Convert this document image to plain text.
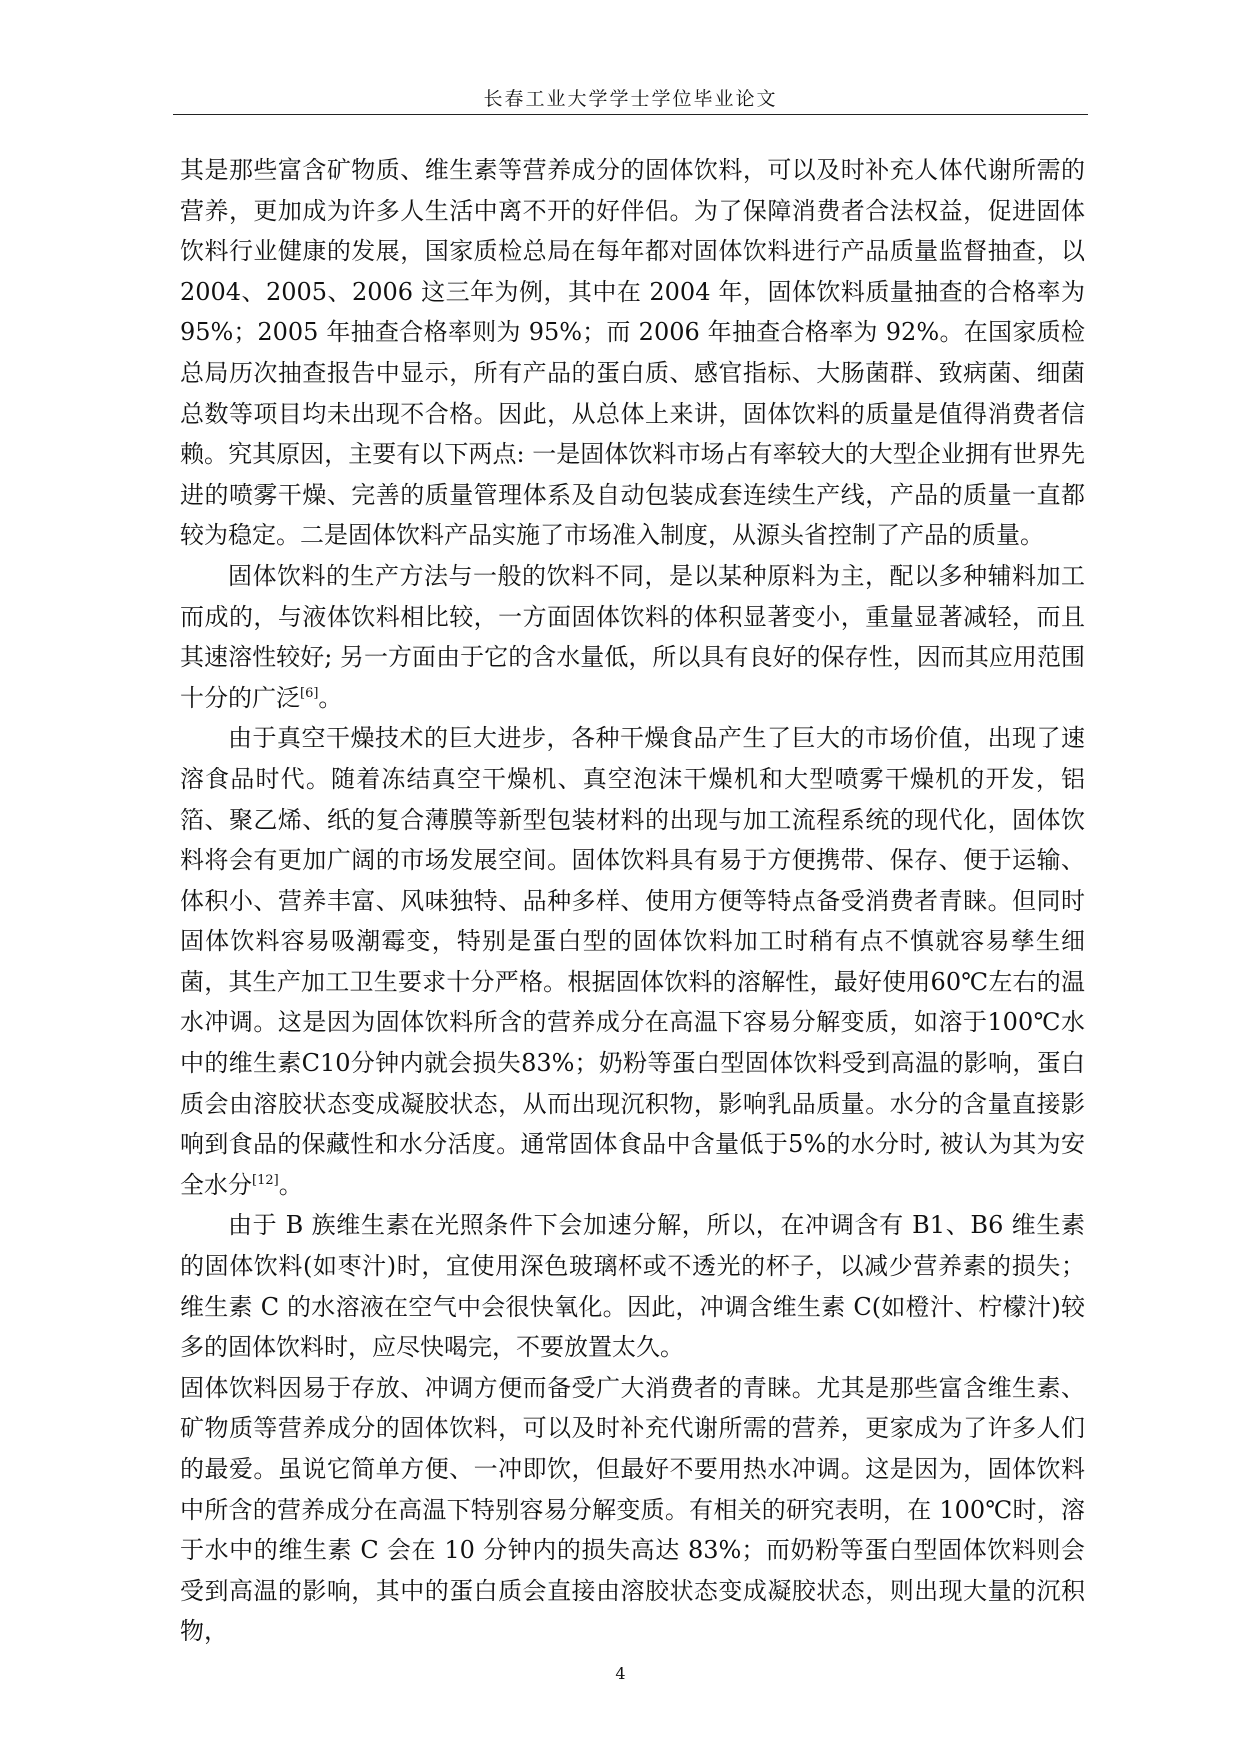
长春工业大学学士学位毕业论文

其是那些富含矿物质、维生素等营养成分的固体饮料，可以及时补充人体代谢所需的营养，更加成为许多人生活中离不开的好伴侣。为了保障消费者合法权益，促进固体饮料行业健康的发展，国家质检总局在每年都对固体饮料进行产品质量监督抽查，以 2004、2005、2006 这三年为例，其中在 2004 年，固体饮料质量抽查的合格率为 95%；2005 年抽查合格率则为 95%；而 2006 年抽查合格率为 92%。在国家质检总局历次抽查报告中显示，所有产品的蛋白质、感官指标、大肠菌群、致病菌、细菌总数等项目均未出现不合格。因此，从总体上来讲，固体饮料的质量是值得消费者信赖。究其原因，主要有以下两点: 一是固体饮料市场占有率较大的大型企业拥有世界先进的喷雾干燥、完善的质量管理体系及自动包装成套连续生产线，产品的质量一直都较为稳定。二是固体饮料产品实施了市场准入制度，从源头省控制了产品的质量。

固体饮料的生产方法与一般的饮料不同，是以某种原料为主，配以多种辅料加工而成的，与液体饮料相比较，一方面固体饮料的体积显著变小，重量显著减轻，而且其速溶性较好; 另一方面由于它的含水量低，所以具有良好的保存性，因而其应用范围十分的广泛[6]。

由于真空干燥技术的巨大进步，各种干燥食品产生了巨大的市场价值，出现了速溶食品时代。随着冻结真空干燥机、真空泡沫干燥机和大型喷雾干燥机的开发，铝箔、聚乙烯、纸的复合薄膜等新型包装材料的出现与加工流程系统的现代化，固体饮料将会有更加广阔的市场发展空间。固体饮料具有易于方便携带、保存、便于运输、体积小、营养丰富、风味独特、品种多样、使用方便等特点备受消费者青睐。但同时固体饮料容易吸潮霉变，特别是蛋白型的固体饮料加工时稍有点不慎就容易孳生细菌，其生产加工卫生要求十分严格。根据固体饮料的溶解性，最好使用60℃左右的温水冲调。这是因为固体饮料所含的营养成分在高温下容易分解变质，如溶于100℃水中的维生素C10分钟内就会损失83%；奶粉等蛋白型固体饮料受到高温的影响，蛋白质会由溶胶状态变成凝胶状态，从而出现沉积物，影响乳品质量。水分的含量直接影响到食品的保藏性和水分活度。通常固体食品中含量低于5%的水分时, 被认为其为安全水分[12]。

由于 B 族维生素在光照条件下会加速分解，所以，在冲调含有 B1、B6 维生素的固体饮料(如枣汁)时，宜使用深色玻璃杯或不透光的杯子，以减少营养素的损失；维生素 C 的水溶液在空气中会很快氧化。因此，冲调含维生素 C(如橙汁、柠檬汁)较多的固体饮料时，应尽快喝完，不要放置太久。

固体饮料因易于存放、冲调方便而备受广大消费者的青睐。尤其是那些富含维生素、矿物质等营养成分的固体饮料，可以及时补充代谢所需的营养，更家成为了许多人们的最爱。虽说它简单方便、一冲即饮，但最好不要用热水冲调。这是因为，固体饮料中所含的营养成分在高温下特别容易分解变质。有相关的研究表明，在 100℃时，溶于水中的维生素 C 会在 10 分钟内的损失高达 83%；而奶粉等蛋白型固体饮料则会受到高温的影响，其中的蛋白质会直接由溶胶状态变成凝胶状态，则出现大量的沉积物，

4
